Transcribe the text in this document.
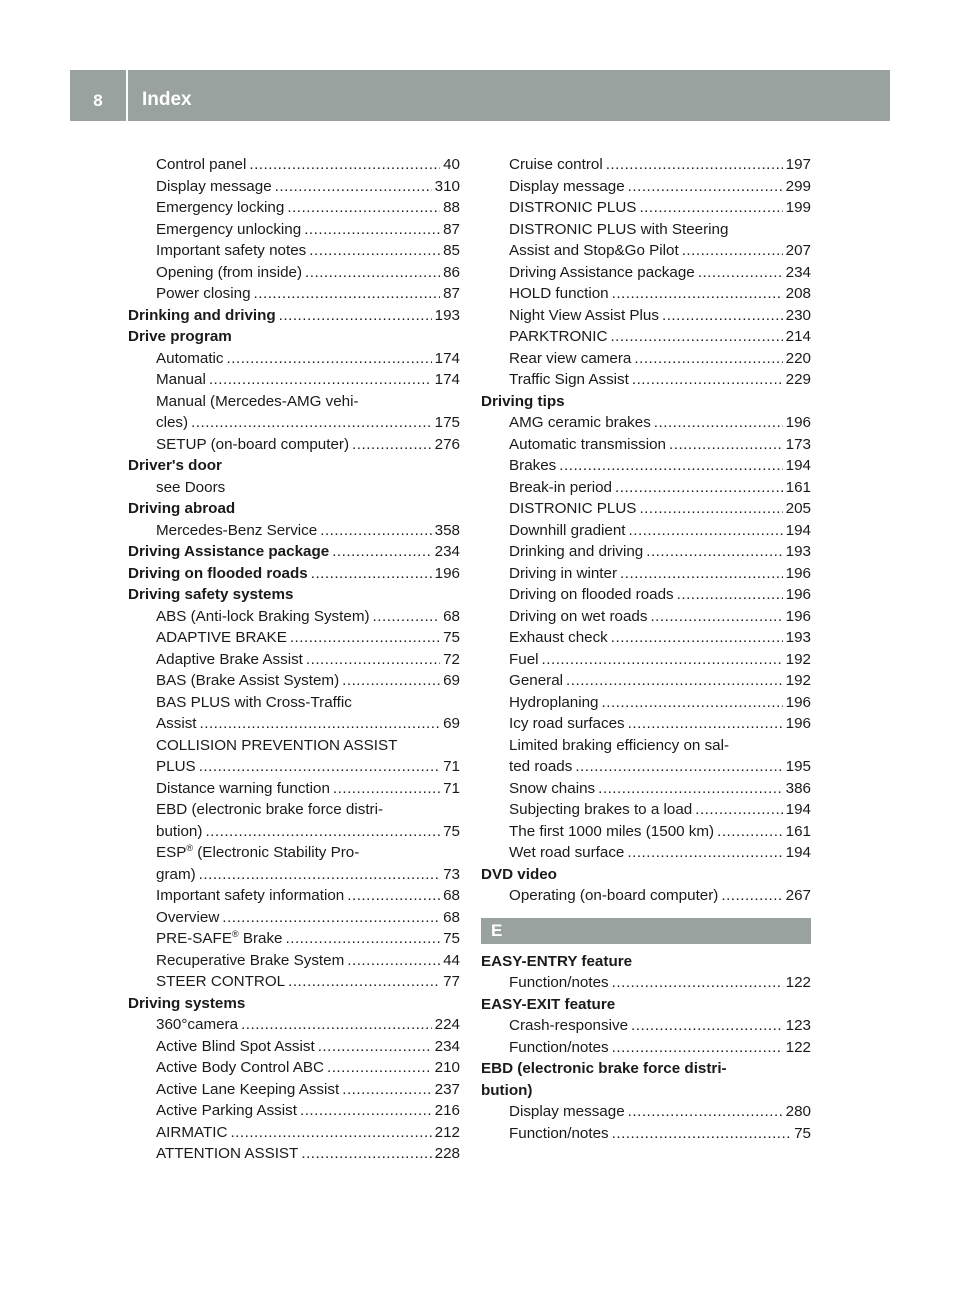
8	Index
Control panel .....	40
Display message .....	310
Emergency locking .....	88
Emergency unlocking .....	87
Important safety notes .....	85
Opening (from inside) .....	86
Power closing .....	87
Drinking and driving .....	193
Drive program
Automatic .....	174
Manual .....	174
Manual (Mercedes-AMG vehi-
cles) .....	175
SETUP (on-board computer) .....	276
Driver's door
see Doors
Driving abroad
Mercedes-Benz Service .....	358
Driving Assistance package .....	234
Driving on flooded roads .....	196
Driving safety systems
ABS (Anti-lock Braking System) .....	68
ADAPTIVE BRAKE .....	75
Adaptive Brake Assist .....	72
BAS (Brake Assist System) .....	69
BAS PLUS with Cross-Traffic
Assist .....	69
COLLISION PREVENTION ASSIST
PLUS .....	71
Distance warning function .....	71
EBD (electronic brake force distri-
bution) .....	75
ESP® (Electronic Stability Pro-
gram) .....	73
Important safety information .....	68
Overview .....	68
PRE-SAFE® Brake .....	75
Recuperative Brake System .....	44
STEER CONTROL .....	77
Driving systems
360°camera .....	224
Active Blind Spot Assist .....	234
Active Body Control ABC .....	210
Active Lane Keeping Assist .....	237
Active Parking Assist .....	216
AIRMATIC .....	212
ATTENTION ASSIST .....	228
Cruise control .....	197
Display message .....	299
DISTRONIC PLUS .....	199
DISTRONIC PLUS with Steering
Assist and Stop&Go Pilot .....	207
Driving Assistance package .....	234
HOLD function .....	208
Night View Assist Plus .....	230
PARKTRONIC .....	214
Rear view camera .....	220
Traffic Sign Assist .....	229
Driving tips
AMG ceramic brakes .....	196
Automatic transmission .....	173
Brakes .....	194
Break-in period .....	161
DISTRONIC PLUS .....	205
Downhill gradient .....	194
Drinking and driving .....	193
Driving in winter .....	196
Driving on flooded roads .....	196
Driving on wet roads .....	196
Exhaust check .....	193
Fuel .....	192
General .....	192
Hydroplaning .....	196
Icy road surfaces .....	196
Limited braking efficiency on sal-
ted roads .....	195
Snow chains .....	386
Subjecting brakes to a load .....	194
The first 1000 miles (1500 km) .....	161
Wet road surface .....	194
DVD video
Operating (on-board computer) .....	267
E
EASY-ENTRY feature
Function/notes .....	122
EASY-EXIT feature
Crash-responsive .....	123
Function/notes .....	122
EBD (electronic brake force distri-
bution)
Display message .....	280
Function/notes .....	75
